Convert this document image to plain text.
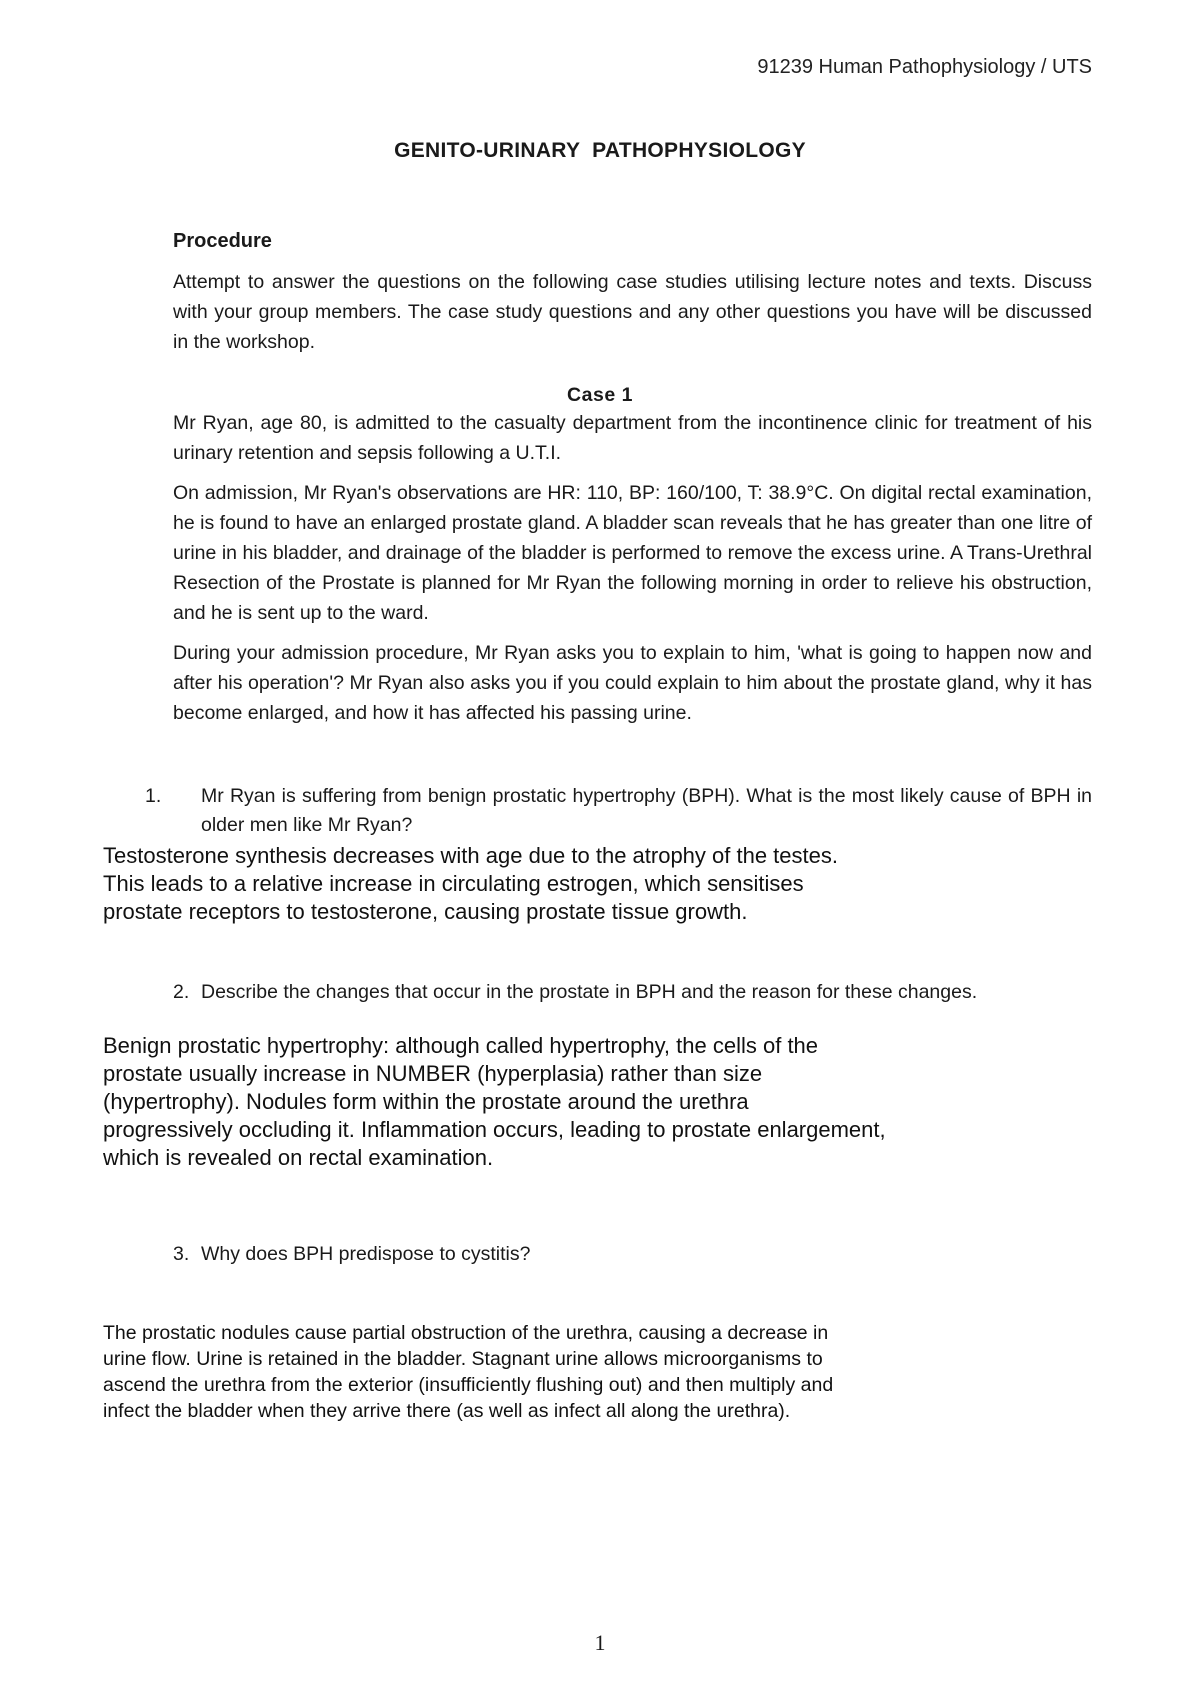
91239 Human Pathophysiology / UTS
GENITO-URINARY  PATHOPHYSIOLOGY
Procedure

Attempt to answer the questions on the following case studies utilising lecture notes and texts. Discuss with your group members. The case study questions and any other questions you have will be discussed in the workshop.

Case 1

Mr Ryan, age 80, is admitted to the casualty department from the incontinence clinic for treatment of his urinary retention and sepsis following a U.T.I.

On admission, Mr Ryan's observations are HR: 110, BP: 160/100, T: 38.9°C. On digital rectal examination, he is found to have an enlarged prostate gland. A bladder scan reveals that he has greater than one litre of urine in his bladder, and drainage of the bladder is performed to remove the excess urine. A Trans-Urethral Resection of the Prostate is planned for Mr Ryan the following morning in order to relieve his obstruction, and he is sent up to the ward.

During your admission procedure, Mr Ryan asks you to explain to him, 'what is going to happen now and after his operation'? Mr Ryan also asks you if you could explain to him about the prostate gland, why it has become enlarged, and how it has affected his passing urine.

1. Mr Ryan is suffering from benign prostatic hypertrophy (BPH). What is the most likely cause of BPH in older men like Mr Ryan?
Testosterone synthesis decreases with age due to the atrophy of the testes.
This leads to a relative increase in circulating estrogen, which sensitises
prostate receptors to testosterone, causing prostate tissue growth.
2. Describe the changes that occur in the prostate in BPH and the reason for these changes.
Benign prostatic hypertrophy: although called hypertrophy, the cells of the
prostate usually increase in NUMBER (hyperplasia) rather than size
(hypertrophy). Nodules form within the prostate around the urethra
progressively occluding it. Inflammation occurs, leading to prostate enlargement,
which is revealed on rectal examination.
3. Why does BPH predispose to cystitis?
The prostatic nodules cause partial obstruction of the urethra, causing a decrease in
urine flow. Urine is retained in the bladder. Stagnant urine allows microorganisms to
ascend the urethra from the exterior (insufficiently flushing out) and then multiply and
infect the bladder when they arrive there (as well as infect all along the urethra).
1
